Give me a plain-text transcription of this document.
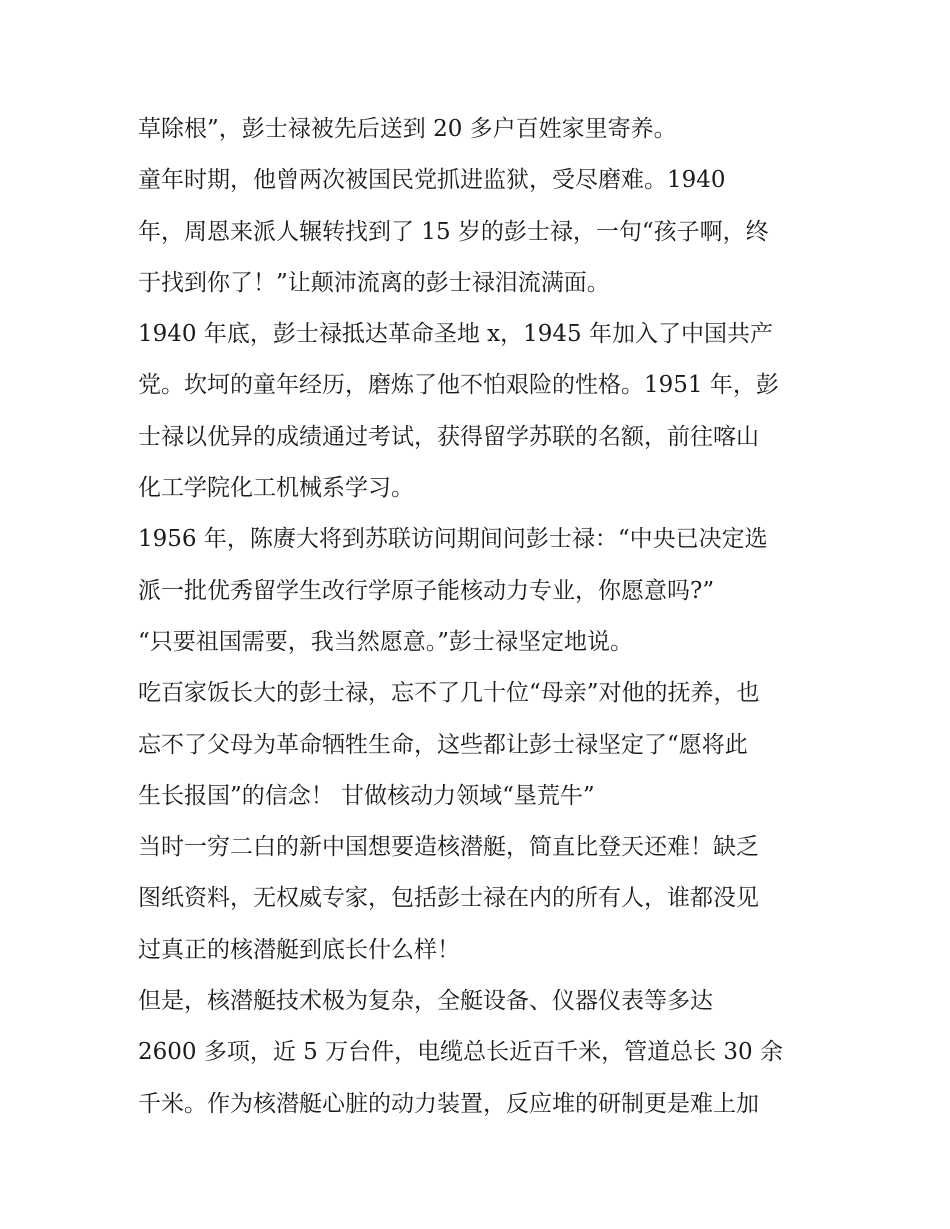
草除根”，彭士禄被先后送到 20 多户百姓家里寄养。
童年时期，他曾两次被国民党抓进监狱，受尽磨难。1940
年，周恩来派人辗转找到了 15 岁的彭士禄，一句“孩子啊，终
于找到你了！”让颠沛流离的彭士禄泪流满面。
1940 年底，彭士禄抵达革命圣地 x，1945 年加入了中国共产
党。坎坷的童年经历，磨炼了他不怕艰险的性格。1951 年，彭
士禄以优异的成绩通过考试，获得留学苏联的名额，前往喀山
化工学院化工机械系学习。
1956 年，陈赓大将到苏联访问期间问彭士禄：“中央已决定选
派一批优秀留学生改行学原子能核动力专业，你愿意吗?”
“只要祖国需要，我当然愿意。”彭士禄坚定地说。
吃百家饭长大的彭士禄，忘不了几十位“母亲”对他的抚养，也
忘不了父母为革命牺牲生命，这些都让彭士禄坚定了“愿将此
生长报国”的信念！ 甘做核动力领域“垦荒牛”
当时一穷二白的新中国想要造核潜艇，简直比登天还难！缺乏
图纸资料，无权威专家，包括彭士禄在内的所有人，谁都没见
过真正的核潜艇到底长什么样！
但是，核潜艇技术极为复杂，全艇设备、仪器仪表等多达
2600 多项，近 5 万台件，电缆总长近百千米，管道总长 30 余
千米。作为核潜艇心脏的动力装置，反应堆的研制更是难上加
